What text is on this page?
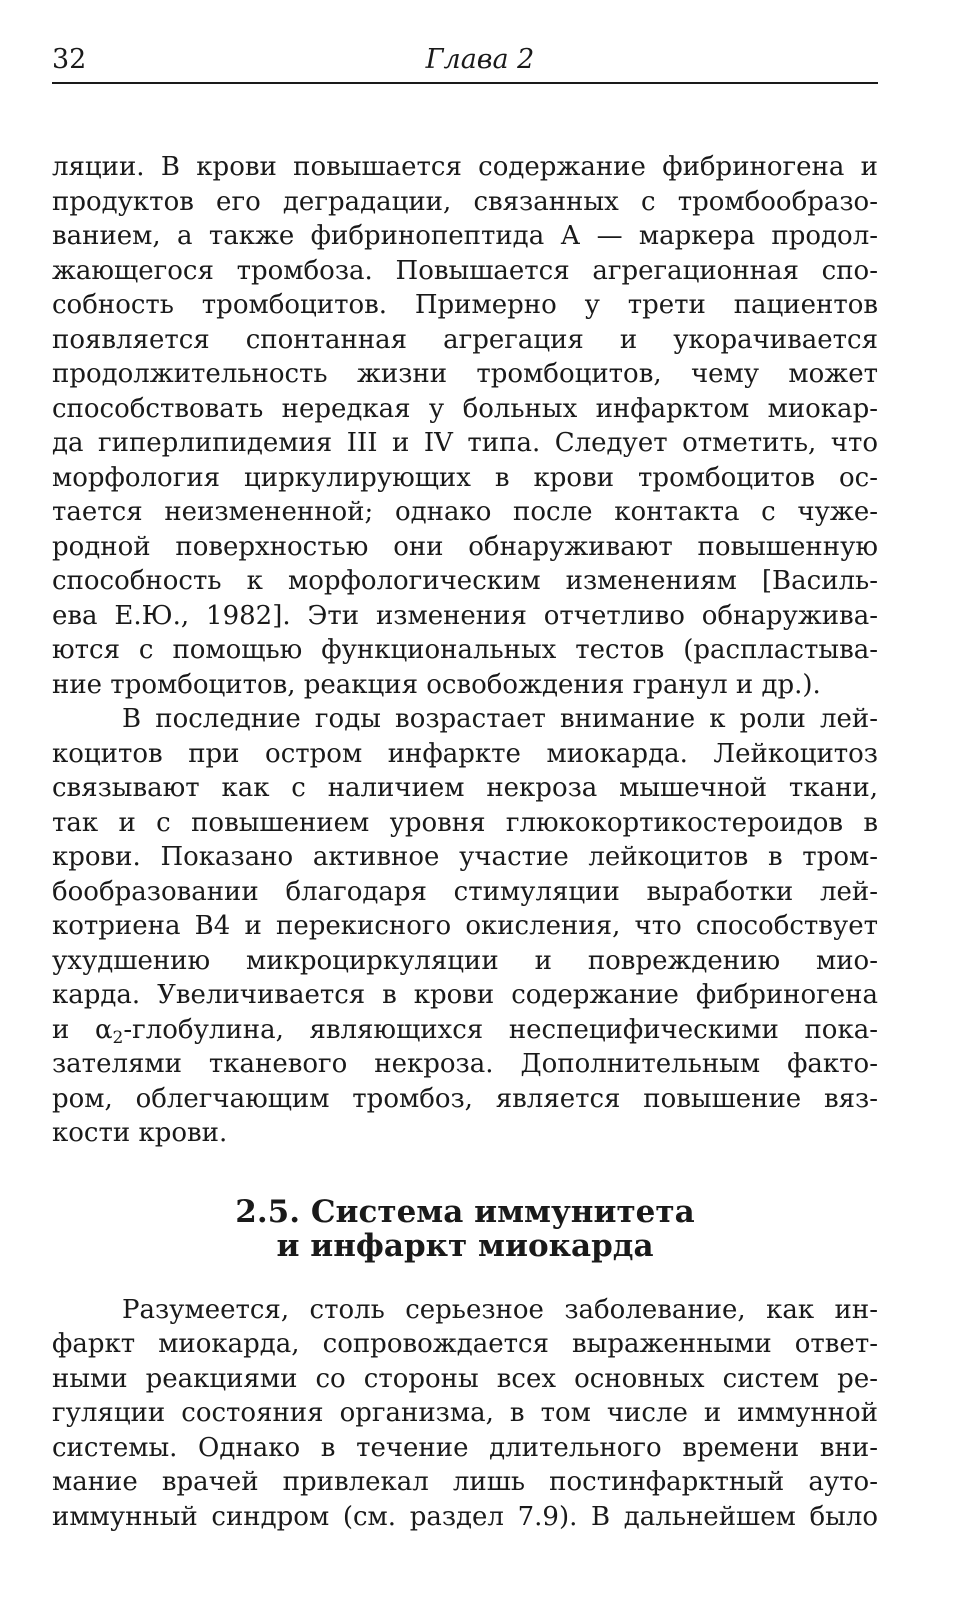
32	Глава 2
ляции. В крови повышается содержание фибриногена и
продуктов его деградации, связанных с тромбообразо-
ванием, а также фибринопептида А — маркера продол-
жающегося тромбоза. Повышается агрегационная спо-
собность тромбоцитов. Примерно у трети пациентов
появляется спонтанная агрегация и укорачивается
продолжительность жизни тромбоцитов, чему может
способствовать нередкая у больных инфарктом миокар-
да гиперлипидемия III и IV типа. Следует отметить, что
морфология циркулирующих в крови тромбоцитов ос-
тается неизмененной; однако после контакта с чуже-
родной поверхностью они обнаруживают повышенную
способность к морфологическим изменениям [Василь-
ева Е.Ю., 1982]. Эти изменения отчетливо обнаружива-
ются с помощью функциональных тестов (распластыва-
ние тромбоцитов, реакция освобождения гранул и др.).
В последние годы возрастает внимание к роли лей-
коцитов при остром инфаркте миокарда. Лейкоцитоз
связывают как с наличием некроза мышечной ткани,
так и с повышением уровня глюкокортикостероидов в
крови. Показано активное участие лейкоцитов в тром-
бообразовании благодаря стимуляции выработки лей-
котриена В4 и перекисного окисления, что способствует
ухудшению микроциркуляции и повреждению мио-
карда. Увеличивается в крови содержание фибриногена
и $\alpha_2$-глобулина, являющихся неспецифическими пока-
зателями тканевого некроза. Дополнительным факто-
ром, облегчающим тромбоз, является повышение вяз-
кости крови.
2.5. Система иммунитета
и инфаркт миокарда
Разумеется, столь серьезное заболевание, как ин-
фаркт миокарда, сопровождается выраженными ответ-
ными реакциями со стороны всех основных систем ре-
гуляции состояния организма, в том числе и иммунной
системы. Однако в течение длительного времени вни-
мание врачей привлекал лишь постинфарктный ауто-
иммунный синдром (см. раздел 7.9). В дальнейшем было
